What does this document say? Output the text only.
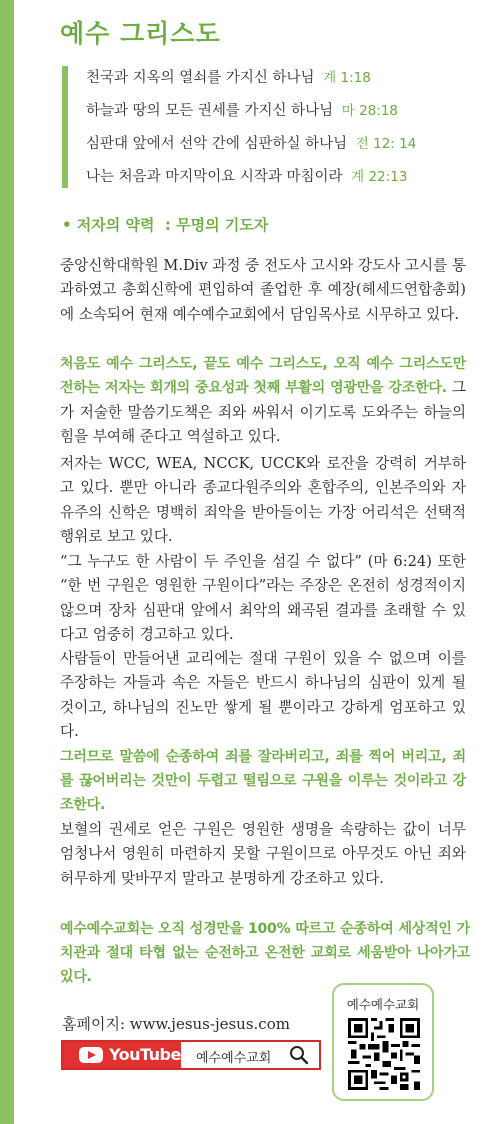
예수 그리스도
천국과 지옥의 열쇠를 가지신 하나님 계 1:18
하늘과 땅의 모든 권세를 가지신 하나님 마 28:18
심판대 앞에서 선악 간에 심판하실 하나님 전 12: 14
나는 처음과 마지막이요 시작과 마침이라 계 22:13
• 저자의 약력  : 무명의 기도자
중앙신학대학원 M.Div 과정 중 전도사 고시와 강도사 고시를 통과하였고 총회신학에 편입하여 졸업한 후 예장(헤세드연합총회)에 소속되어 현재 예수예수교회에서 담임목사로 시무하고 있다.
처음도 예수 그리스도, 끝도 예수 그리스도, 오직 예수 그리스도만 전하는 저자는 회개의 중요성과 첫째 부활의 영광만을 강조한다. 그가 저술한 말씀기도책은 죄와 싸워서 이기도록 도와주는 하늘의 힘을 부여해 준다고 역설하고 있다.
저자는 WCC, WEA, NCCK, UCCK와 로잔을 강력히 거부하고 있다. 뿐만 아니라 종교다원주의와 혼합주의, 인본주의와 자유주의 신학은 명백히 죄악을 받아들이는 가장 어리석은 선택적 행위로 보고 있다.
“그 누구도 한 사람이 두 주인을 섬길 수 없다” (마 6:24) 또한 “한 번 구원은 영원한 구원이다”라는 주장은 온전히 성경적이지 않으며 장차 심판대 앞에서 최악의 왜곡된 결과를 초래할 수 있다고 엄중히 경고하고 있다.
사람들이 만들어낸 교리에는 절대 구원이 있을 수 없으며 이를 주장하는 자들과 속은 자들은 반드시 하나님의 심판이 있게 될 것이고, 하나님의 진노만 쌓게 될 뿐이라고 강하게 엄포하고 있다.
그러므로 말씀에 순종하여 죄를 잘라버리고, 죄를 찍어 버리고, 죄를 끊어버리는 것만이 두렵고 떨림으로 구원을 이루는 것이라고 강조한다.
보혈의 권세로 얻은 구원은 영원한 생명을 속량하는 값이 너무 엄청나서 영원히 마련하지 못할 구원이므로 아무것도 아닌 죄와 허무하게 맞바꾸지 말라고 분명하게 강조하고 있다.
예수예수교회는 오직 성경만을 100% 따르고 순종하여 세상적인 가치관과 절대 타협 없는 순전하고 온전한 교회로 세움받아 나아가고 있다.
홈페이지: www.jesus-jesus.com
YouTube 예수예수교회
예수예수교회
